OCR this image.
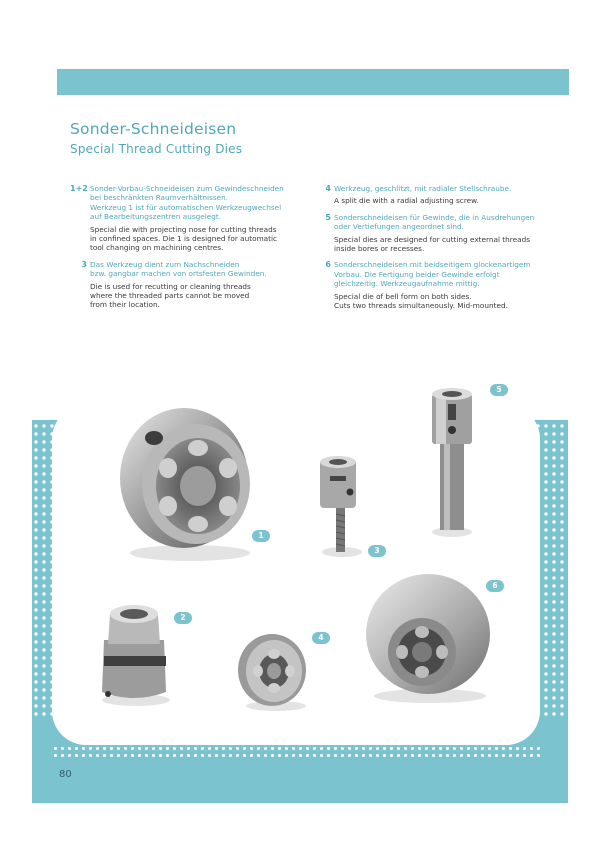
Sonder-Schneideisen
Special Thread Cutting Dies
1+2 Sonder-Vorbau-Schneideisen zum Gewindeschneiden
bei beschränkten Raumverhältnissen.
Werkzeug 1 ist für automatischen Werkzeugwechsel
auf Bearbeitungszentren ausgelegt.
Special die with projecting nose for cutting threads
in confined spaces. Die 1 is designed for automatic
tool changing on machining centres.
3 Das Werkzeug dient zum Nachschneiden
bzw. gangbar machen von ortsfesten Gewinden.
Die is used for recutting or cleaning threads
where the threaded parts cannot be moved
from their location.
4 Werkzeug, geschlitzt, mit radialer Stellschraube.
A split die with a radial adjusting screw.
5 Sonderschneideisen für Gewinde, die in Ausdrehungen
oder Vertiefungen angeordnet sind.
Special dies are designed for cutting external threads
inside bores or recesses.
6 Sonderschneideisen mit beidseitigem glockenartigem
Vorbau. Die Fertigung beider Gewinde erfolgt
gleichzeitig. Werkzeugaufnahme mittig.
Special die of bell form on both sides.
Cuts two threads simultaneously. Mid-mounted.
1
3
5
2
4
6
80
